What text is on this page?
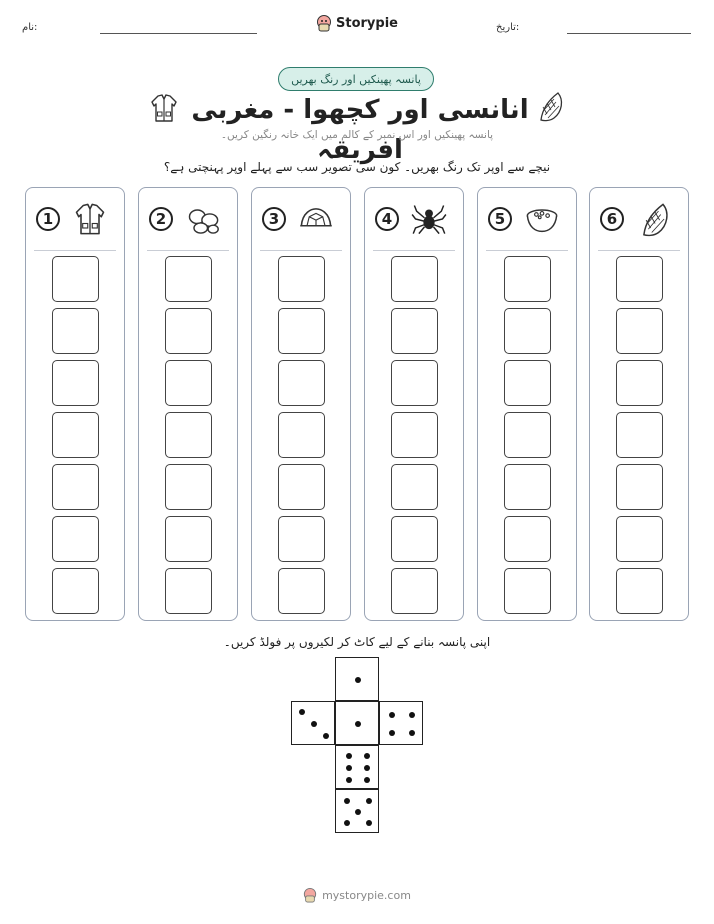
نام:	Storypie	تاریخ:
پانسہ پھینکیں اور رنگ بھریں
انانسی اور کچھوا - مغربی افریقہ
پانسہ پھینکیں اور اس نمبر کے کالم میں ایک خانہ رنگین کریں۔
نیچے سے اوپر تک رنگ بھریں۔ کون سی تصویر سب سے پہلے اوپر پہنچتی ہے؟
1	2	3	4	5	6
اپنی پانسہ بنانے کے لیے کاٹ کر لکیروں پر فولڈ کریں۔
mystorypie.com
